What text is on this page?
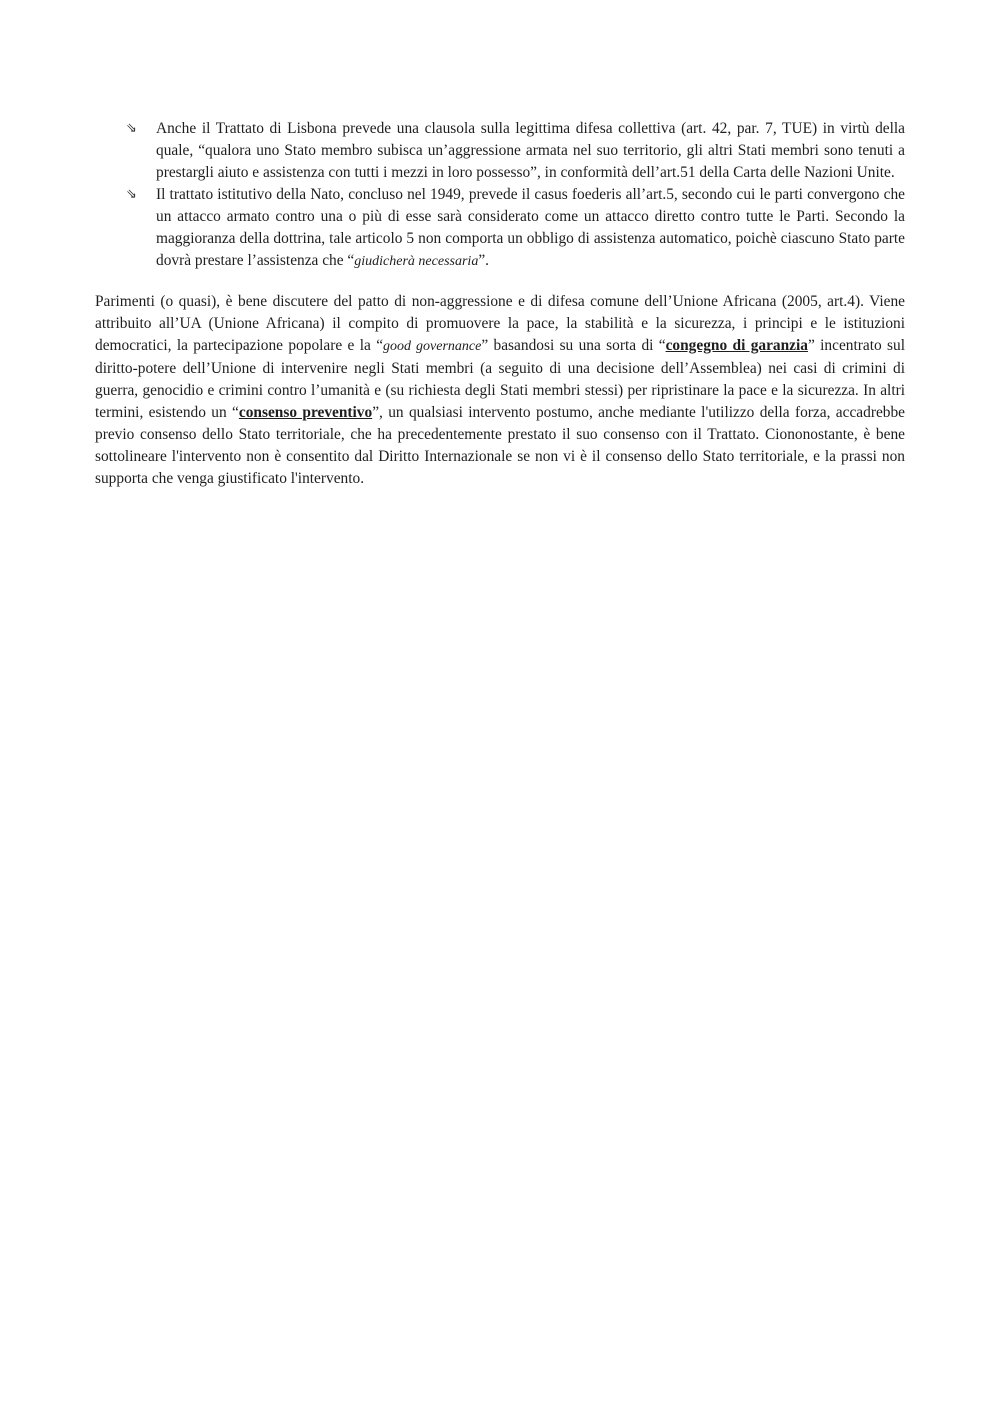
⇘ Anche il Trattato di Lisbona prevede una clausola sulla legittima difesa collettiva (art. 42, par. 7, TUE) in virtù della quale, “qualora uno Stato membro subisca un’aggressione armata nel suo territorio, gli altri Stati membri sono tenuti a prestargli aiuto e assistenza con tutti i mezzi in loro possesso”, in conformità dell’art.51 della Carta delle Nazioni Unite.
⇘ Il trattato istitutivo della Nato, concluso nel 1949, prevede il casus foederis all’art.5, secondo cui le parti convergono che un attacco armato contro una o più di esse sarà considerato come un attacco diretto contro tutte le Parti. Secondo la maggioranza della dottrina, tale articolo 5 non comporta un obbligo di assistenza automatico, poichè ciascuno Stato parte dovrà prestare l’assistenza che “giudicherà necessaria”.

Parimenti (o quasi), è bene discutere del patto di non-aggressione e di difesa comune dell’Unione Africana (2005, art.4). Viene attribuito all’UA (Unione Africana) il compito di promuovere la pace, la stabilità e la sicurezza, i principi e le istituzioni democratici, la partecipazione popolare e la “good governance” basandosi su una sorta di “congegno di garanzia” incentrato sul diritto-potere dell’Unione di intervenire negli Stati membri (a seguito di una decisione dell’Assemblea) nei casi di crimini di guerra, genocidio e crimini contro l’umanità e (su richiesta degli Stati membri stessi) per ripristinare la pace e la sicurezza. In altri termini, esistendo un “consenso preventivo”, un qualsiasi intervento postumo, anche mediante l'utilizzo della forza, accadrebbe previo consenso dello Stato territoriale, che ha precedentemente prestato il suo consenso con il Trattato. Ciononostante, è bene sottolineare l'intervento non è consentito dal Diritto Internazionale se non vi è il consenso dello Stato territoriale, e la prassi non supporta che venga giustificato l'intervento.
